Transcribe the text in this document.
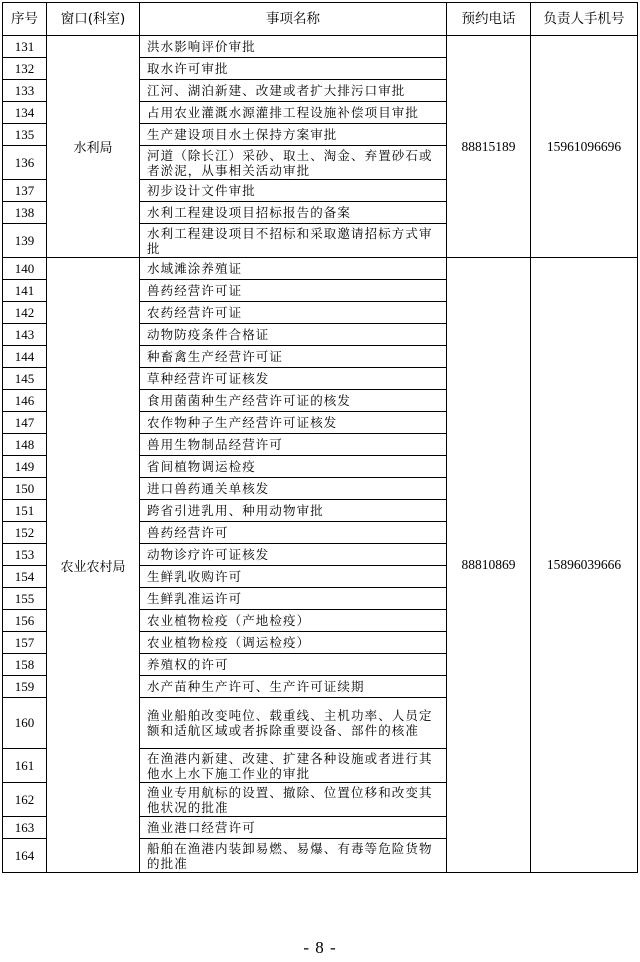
序号	窗口(科室)	事项名称	预约电话	负责人手机号
131	水利局	洪水影响评价审批	88815189	15961096696
132		取水许可审批		
133		江河、湖泊新建、改建或者扩大排污口审批		
134		占用农业灌溉水源灌排工程设施补偿项目审批		
135		生产建设项目水土保持方案审批		
136		河道（除长江）采砂、取土、淘金、弃置砂石或者淤泥，从事相关活动审批		
137		初步设计文件审批		
138		水利工程建设项目招标报告的备案		
139		水利工程建设项目不招标和采取邀请招标方式审批		
140	农业农村局	水域滩涂养殖证	88810869	15896039666
141		兽药经营许可证		
142		农药经营许可证		
143		动物防疫条件合格证		
144		种畜禽生产经营许可证		
145		草种经营许可证核发		
146		食用菌菌种生产经营许可证的核发		
147		农作物种子生产经营许可证核发		
148		兽用生物制品经营许可		
149		省间植物调运检疫		
150		进口兽药通关单核发		
151		跨省引进乳用、种用动物审批		
152		兽药经营许可		
153		动物诊疗许可证核发		
154		生鲜乳收购许可		
155		生鲜乳准运许可		
156		农业植物检疫（产地检疫）		
157		农业植物检疫（调运检疫）		
158		养殖权的许可		
159		水产苗种生产许可、生产许可证续期		
160		渔业船舶改变吨位、载重线、主机功率、人员定额和适航区域或者拆除重要设备、部件的核准		
161		在渔港内新建、改建、扩建各种设施或者进行其他水上水下施工作业的审批		
162		渔业专用航标的设置、撤除、位置位移和改变其他状况的批准		
163		渔业港口经营许可		
164		船舶在渔港内装卸易燃、易爆、有毒等危险货物的批准		
- 8 -
